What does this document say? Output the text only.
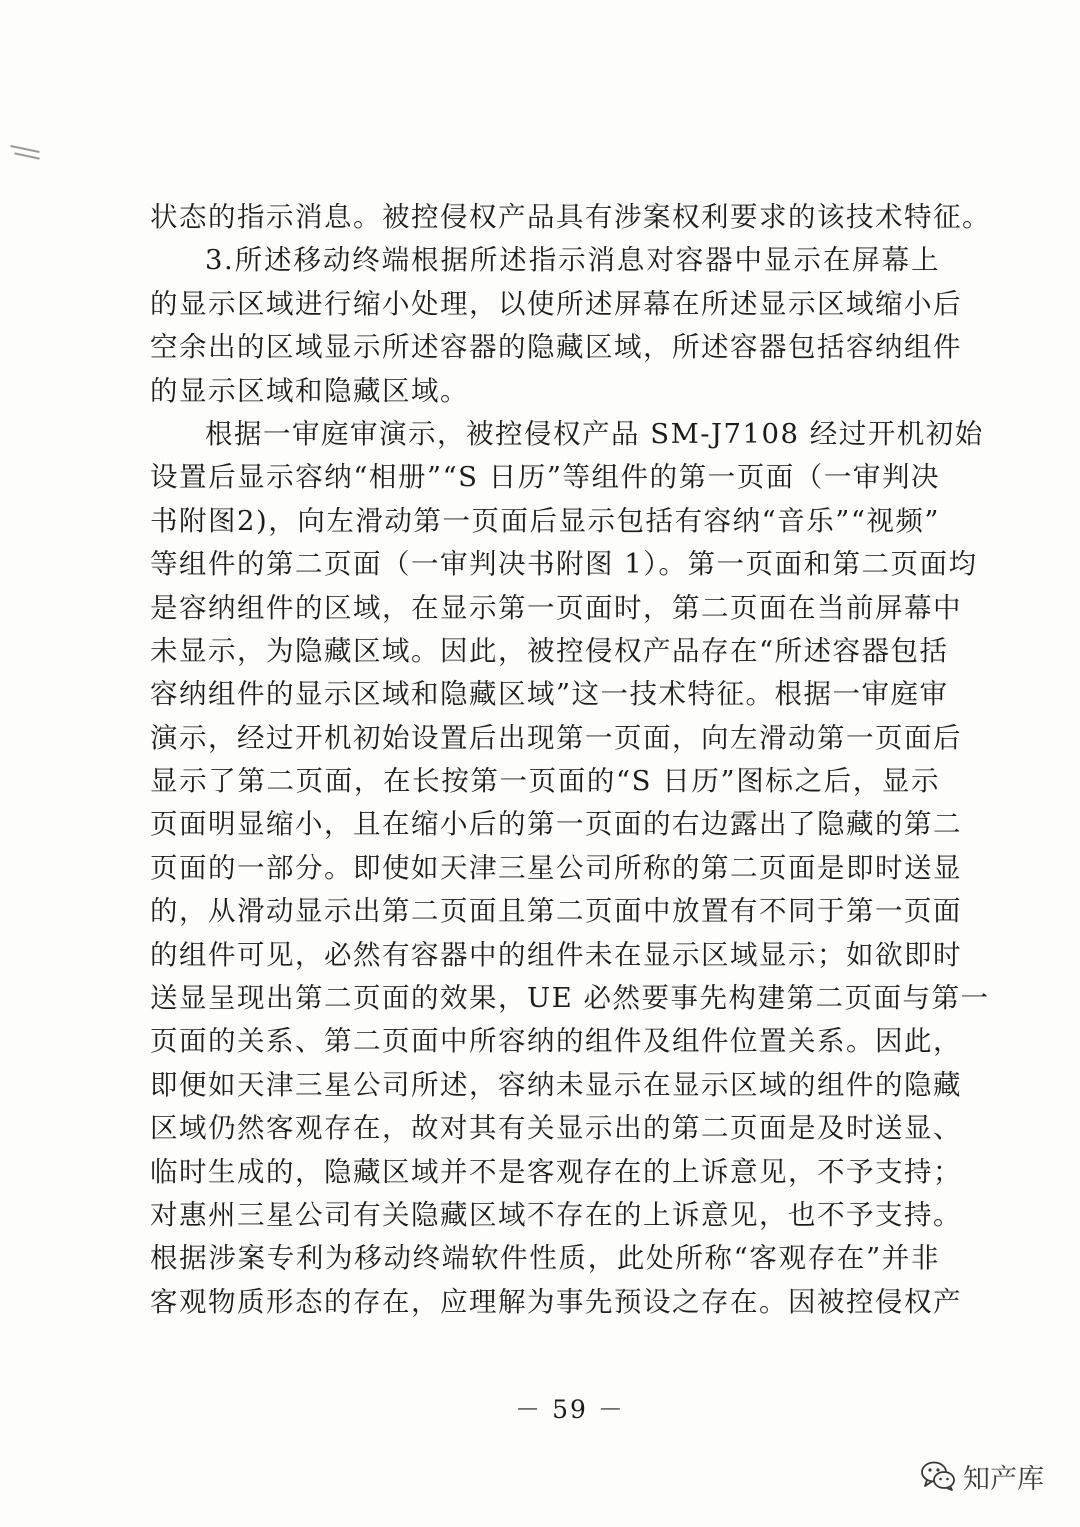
状态的指示消息。被控侵权产品具有涉案权利要求的该技术特征。
3.所述移动终端根据所述指示消息对容器中显示在屏幕上
的显示区域进行缩小处理，以使所述屏幕在所述显示区域缩小后
空余出的区域显示所述容器的隐藏区域，所述容器包括容纳组件
的显示区域和隐藏区域。
根据一审庭审演示，被控侵权产品 SM-J7108 经过开机初始
设置后显示容纳“相册”“S 日历”等组件的第一页面（一审判决
书附图2)，向左滑动第一页面后显示包括有容纳“音乐”“视频”
等组件的第二页面（一审判决书附图 1）。第一页面和第二页面均
是容纳组件的区域，在显示第一页面时，第二页面在当前屏幕中
未显示，为隐藏区域。因此，被控侵权产品存在“所述容器包括
容纳组件的显示区域和隐藏区域”这一技术特征。根据一审庭审
演示，经过开机初始设置后出现第一页面，向左滑动第一页面后
显示了第二页面，在长按第一页面的“S 日历”图标之后，显示
页面明显缩小，且在缩小后的第一页面的右边露出了隐藏的第二
页面的一部分。即使如天津三星公司所称的第二页面是即时送显
的，从滑动显示出第二页面且第二页面中放置有不同于第一页面
的组件可见，必然有容器中的组件未在显示区域显示；如欲即时
送显呈现出第二页面的效果，UE 必然要事先构建第二页面与第一
页面的关系、第二页面中所容纳的组件及组件位置关系。因此，
即便如天津三星公司所述，容纳未显示在显示区域的组件的隐藏
区域仍然客观存在，故对其有关显示出的第二页面是及时送显、
临时生成的，隐藏区域并不是客观存在的上诉意见，不予支持；
对惠州三星公司有关隐藏区域不存在的上诉意见，也不予支持。
根据涉案专利为移动终端软件性质，此处所称“客观存在”并非
客观物质形态的存在，应理解为事先预设之存在。因被控侵权产
－ 59 －
知产库
